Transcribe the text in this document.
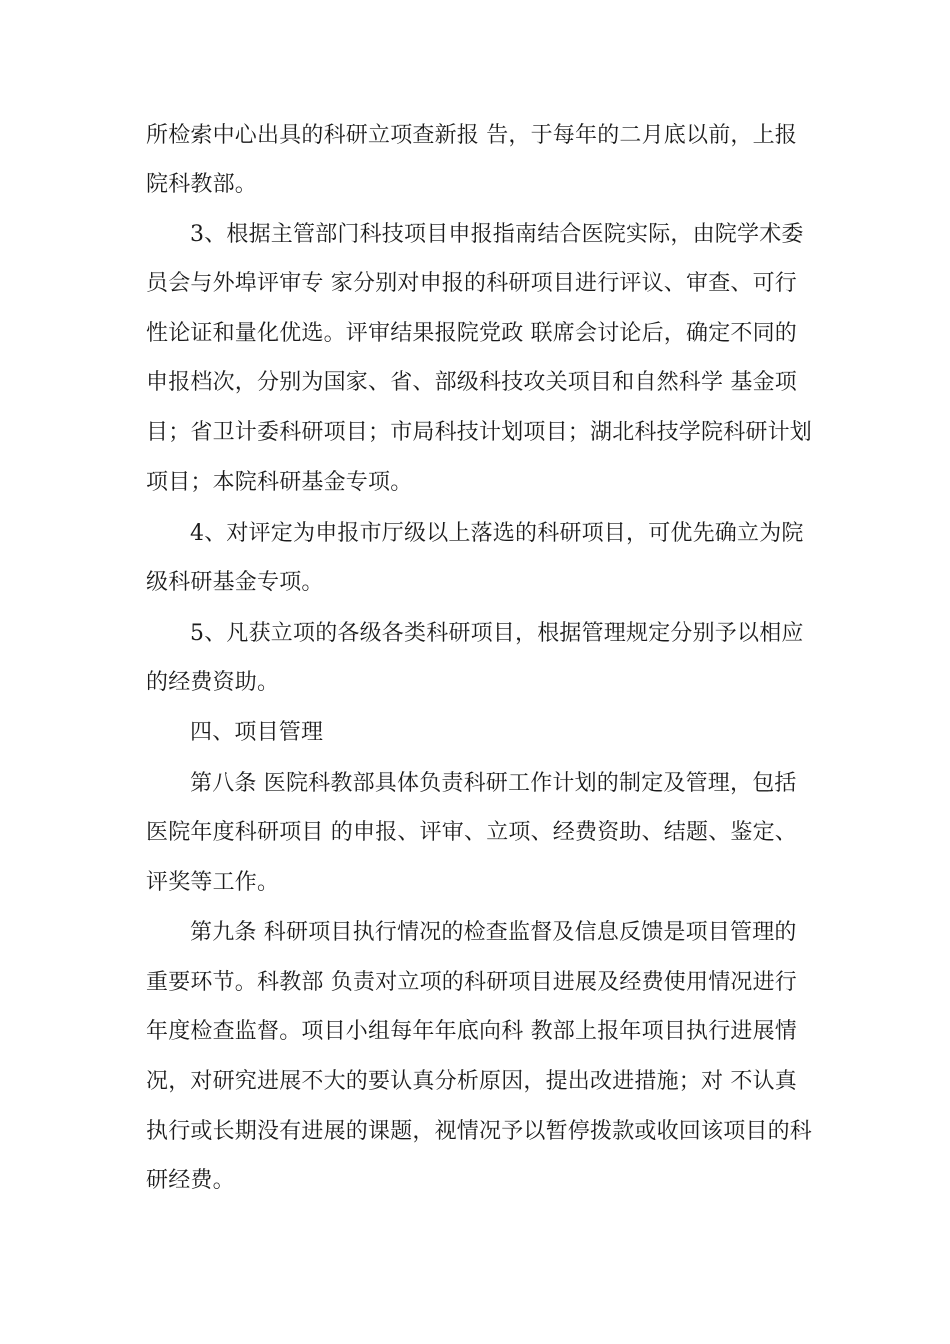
所检索中心出具的科研立项查新报 告，于每年的二月底以前，上报

院科教部。

3、根据主管部门科技项目申报指南结合医院实际，由院学术委

员会与外埠评审专 家分别对申报的科研项目进行评议、审查、可行

性论证和量化优选。评审结果报院党政 联席会讨论后，确定不同的

申报档次，分别为国家、省、部级科技攻关项目和自然科学 基金项

目；省卫计委科研项目；市局科技计划项目；湖北科技学院科研计划

项目；本院科研基金专项。

4、对评定为申报市厅级以上落选的科研项目，可优先确立为院

级科研基金专项。

5、凡获立项的各级各类科研项目，根据管理规定分别予以相应

的经费资助。

四、项目管理

第八条 医院科教部具体负责科研工作计划的制定及管理，包括

医院年度科研项目 的申报、评审、立项、经费资助、结题、鉴定、

评奖等工作。

第九条 科研项目执行情况的检查监督及信息反馈是项目管理的

重要环节。科教部 负责对立项的科研项目进展及经费使用情况进行

年度检查监督。项目小组每年年底向科 教部上报年项目执行进展情

况，对研究进展不大的要认真分析原因，提出改进措施；对 不认真

执行或长期没有进展的课题，视情况予以暂停拨款或收回该项目的科

研经费。
